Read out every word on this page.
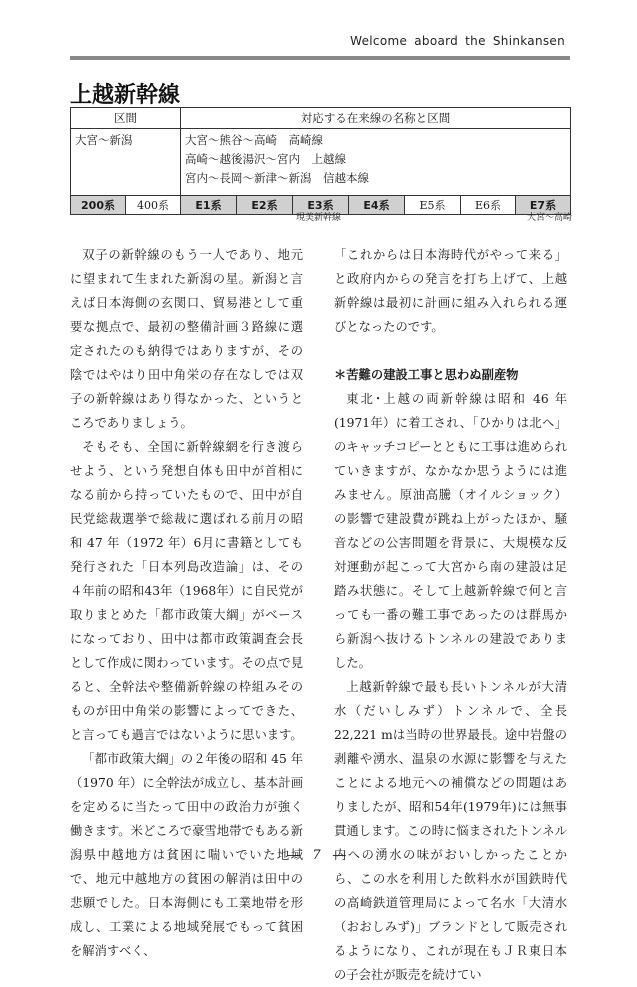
Welcome aboard the Shinkansen
上越新幹線
区間		対応する在来線の名称と区間						
大宮～新潟		大宮～熊谷～高崎　高崎線
高崎～越後湯沢～宮内　上越線
宮内～長岡～新津～新潟　信越本線						

200系	400系	E1系	E2系	E3系	E4系	E5系	E6系	E7系
現美新幹線	大宮～高崎

双子の新幹線のもう一人であり、地元に望まれて生まれた新潟の星。新潟と言えば日本海側の玄関口、貿易港として重要な拠点で、最初の整備計画３路線に選定されたのも納得ではありますが、その陰ではやはり田中角栄の存在なしでは双子の新幹線はあり得なかった、というところでありましょう。

そもそも、全国に新幹線網を行き渡らせよう、という発想自体も田中が首相になる前から持っていたもので、田中が自民党総裁選挙で総裁に選ばれる前月の昭和 47 年（1972 年）6月に書籍としても発行された「日本列島改造論」は、その４年前の昭和43年（1968年）に自民党が取りまとめた「都市政策大綱」がベースになっており、田中は都市政策調査会長として作成に関わっています。その点で見ると、全幹法や整備新幹線の枠組みそのものが田中角栄の影響によってできた、と言っても過言ではないように思います。

「都市政策大綱」の２年後の昭和 45 年（1970 年）に全幹法が成立し、基本計画を定めるに当たって田中の政治力が強く働きます。米どころで豪雪地帯でもある新潟県中越地方は貧困に喘いでいた地域で、地元中越地方の貧困の解消は田中の悲願でした。日本海側にも工業地帯を形成し、工業による地域発展でもって貧困を解消すべく、

「これからは日本海時代がやって来る」と政府内からの発言を打ち上げて、上越新幹線は最初に計画に組み入れられる運びとなったのです。

＊苦難の建設工事と思わぬ副産物

東北･上越の両新幹線は昭和 46 年(1971年）に着工され、「ひかりは北へ」のキャッチコピーとともに工事は進められていきますが、なかなか思うようには進みません。原油高騰（オイルショック）の影響で建設費が跳ね上がったほか、騒音などの公害問題を背景に、大規模な反対運動が起こって大宮から南の建設は足踏み状態に。そして上越新幹線で何と言っても一番の難工事であったのは群馬から新潟へ抜けるトンネルの建設でありました。

上越新幹線で最も長いトンネルが大清水（だいしみず）トンネルで、全長 22,221 mは当時の世界最長。途中岩盤の剥離や湧水、温泉の水源に影響を与えたことによる地元への補償などの問題はありましたが、昭和54年(1979年)には無事貫通します。この時に悩まされたトンネル内への湧水の味がおいしかったことから、この水を利用した飲料水が国鉄時代の高崎鉄道管理局によって名水「大清水（おおしみず)」ブランドとして販売されるようになり、これが現在もＪＲ東日本の子会社が販売を続けてい

― 7 ―
